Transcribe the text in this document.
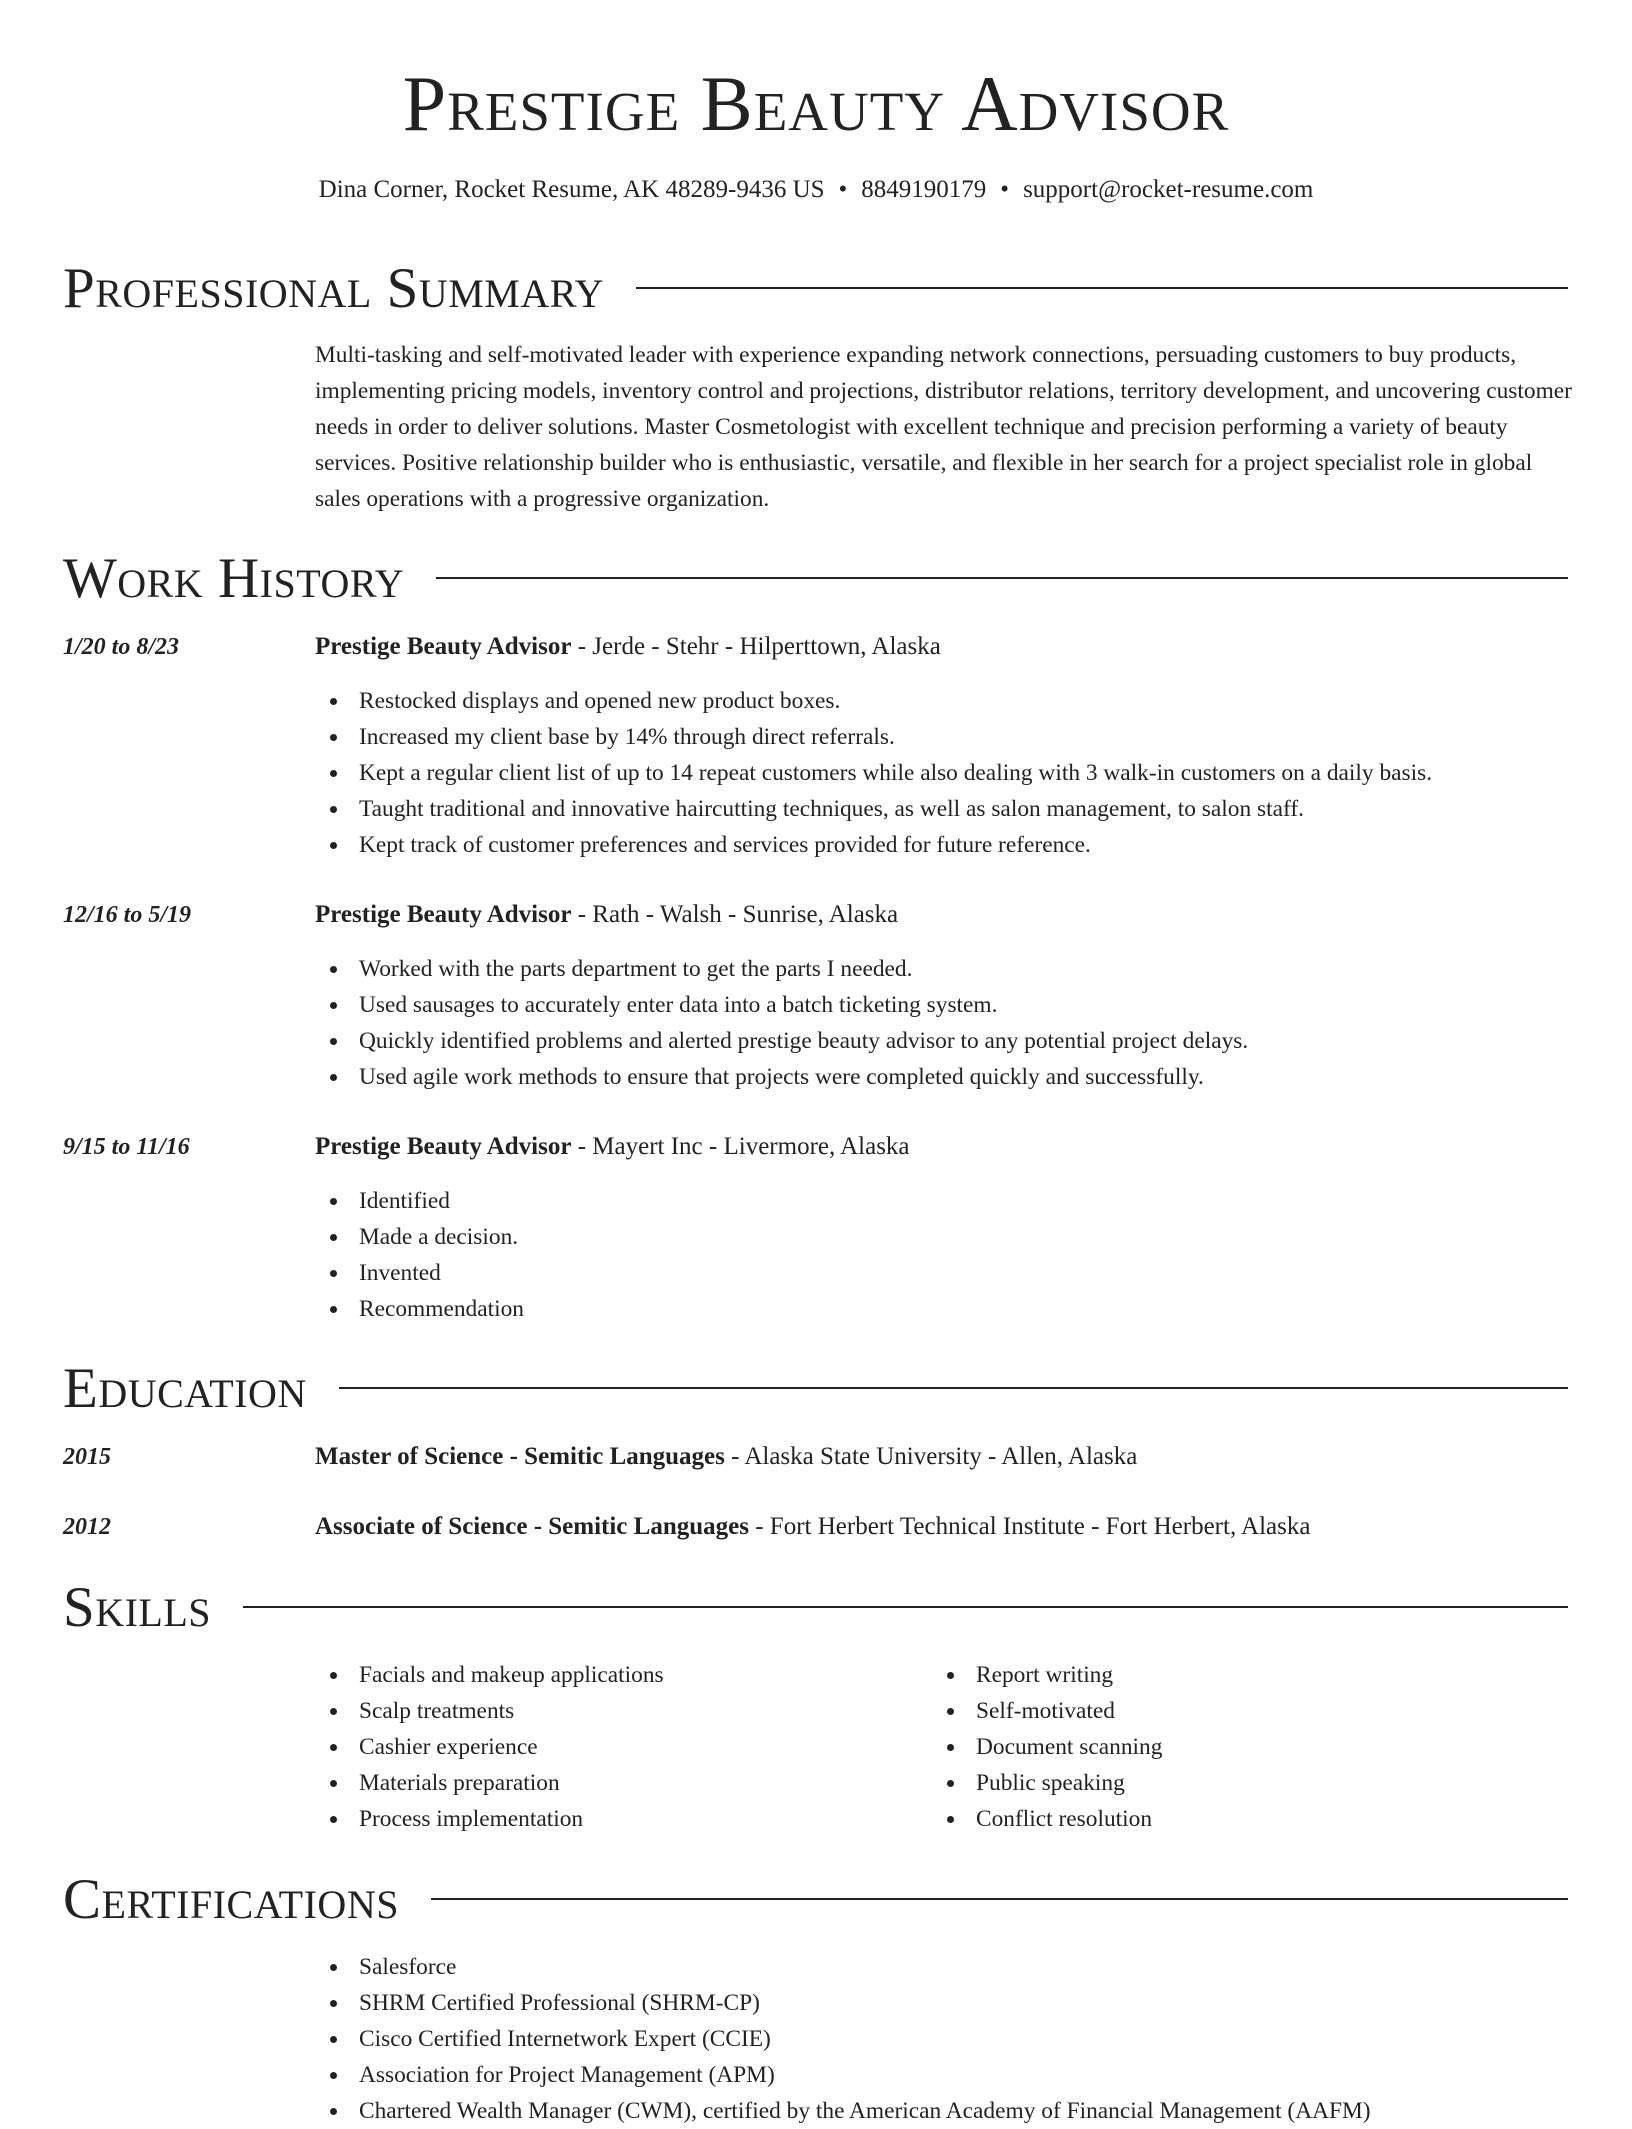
Prestige Beauty Advisor
Dina Corner, Rocket Resume, AK 48289-9436 US • 8849190179 • support@rocket-resume.com
Professional Summary

Multi-tasking and self-motivated leader with experience expanding network connections, persuading customers to buy products, implementing pricing models, inventory control and projections, distributor relations, territory development, and uncovering customer needs in order to deliver solutions. Master Cosmetologist with excellent technique and precision performing a variety of beauty services. Positive relationship builder who is enthusiastic, versatile, and flexible in her search for a project specialist role in global sales operations with a progressive organization.

Work History
1/20 to 8/23	Prestige Beauty Advisor - Jerde - Stehr - Hilperttown, Alaska
Restocked displays and opened new product boxes.
Increased my client base by 14% through direct referrals.
Kept a regular client list of up to 14 repeat customers while also dealing with 3 walk-in customers on a daily basis.
Taught traditional and innovative haircutting techniques, as well as salon management, to salon staff.
Kept track of customer preferences and services provided for future reference.
12/16 to 5/19	Prestige Beauty Advisor - Rath - Walsh - Sunrise, Alaska
Worked with the parts department to get the parts I needed.
Used sausages to accurately enter data into a batch ticketing system.
Quickly identified problems and alerted prestige beauty advisor to any potential project delays.
Used agile work methods to ensure that projects were completed quickly and successfully.
9/15 to 11/16	Prestige Beauty Advisor - Mayert Inc - Livermore, Alaska
Identified
Made a decision.
Invented
Recommendation
Education
2015	Master of Science - Semitic Languages - Alaska State University - Allen, Alaska
2012	Associate of Science - Semitic Languages - Fort Herbert Technical Institute - Fort Herbert, Alaska
Skills
Facials and makeup applications
Scalp treatments
Cashier experience
Materials preparation
Process implementation
Report writing
Self-motivated
Document scanning
Public speaking
Conflict resolution
Certifications
Salesforce
SHRM Certified Professional (SHRM-CP)
Cisco Certified Internetwork Expert (CCIE)
Association for Project Management (APM)
Chartered Wealth Manager (CWM), certified by the American Academy of Financial Management (AAFM)
